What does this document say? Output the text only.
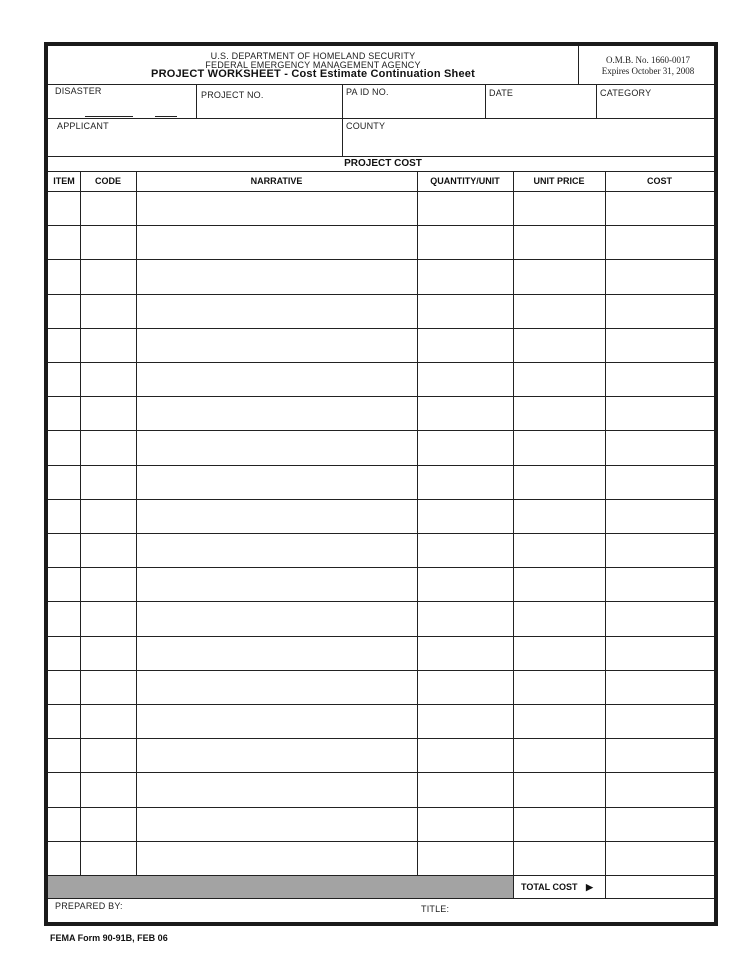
U.S. DEPARTMENT OF HOMELAND SECURITY
FEDERAL EMERGENCY MANAGEMENT AGENCY
PROJECT WORKSHEET - Cost Estimate Continuation Sheet
O.M.B. No. 1660-0017
Expires October 31, 2008
DISASTER	PROJECT NO.	PA ID NO.	DATE	CATEGORY
APPLICANT	COUNTY
PROJECT COST
ITEM	CODE	NARRATIVE	QUANTITY/UNIT	UNIT PRICE	COST
TOTAL COST ▶
PREPARED BY:	TITLE:
FEMA Form 90-91B, FEB 06
